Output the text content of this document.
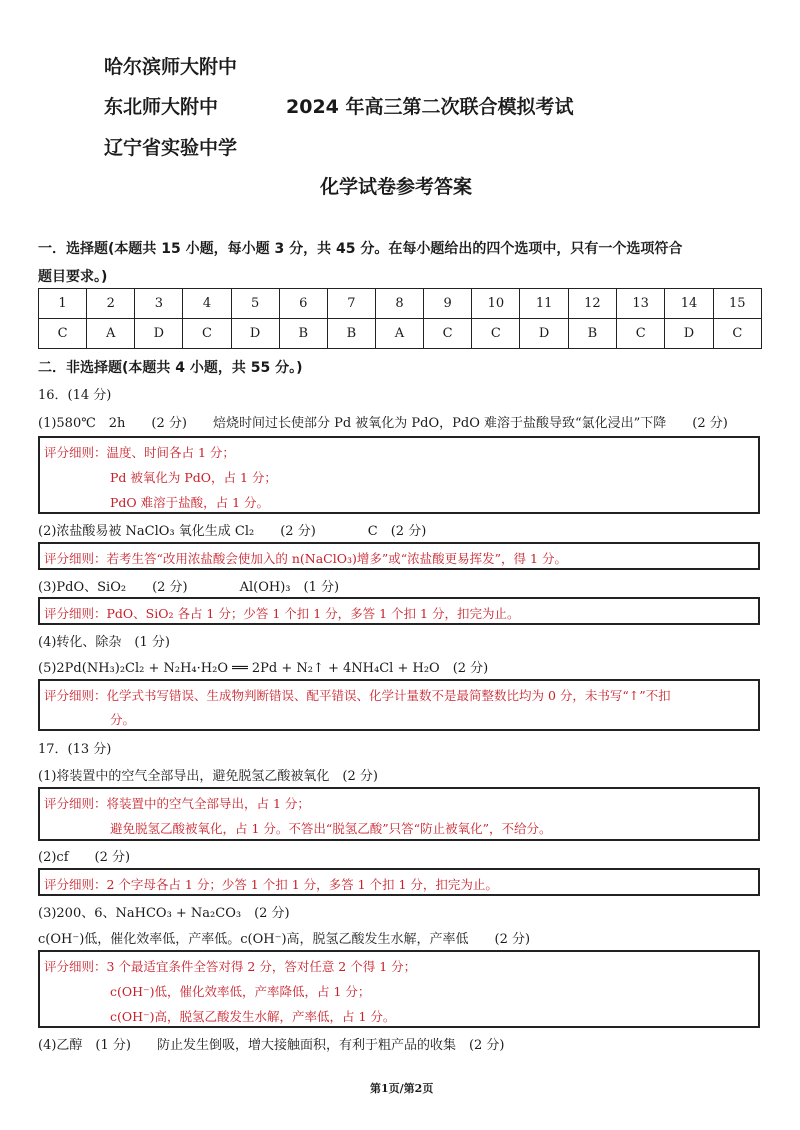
哈尔滨师大附中
东北师大附中
辽宁省实验中学
2024 年高三第二次联合模拟考试
化学试卷参考答案
一．选择题(本题共 15 小题，每小题 3 分，共 45 分。在每小题给出的四个选项中，只有一个选项符合
题目要求。)
1	2	3	4	5	6	7	8	9	10	11	12	13	14	15
C	A	D	C	D	B	B	A	C	C	D	B	C	D	C
二．非选择题(本题共 4 小题，共 55 分。)
16．(14 分)
(1)580℃　2h　　(2 分)　　焙烧时间过长使部分 Pd 被氧化为 PdO，PdO 难溶于盐酸导致“氯化浸出”下降　　(2 分)
评分细则：温度、时间各占 1 分；
Pd 被氧化为 PdO，占 1 分；
PdO 难溶于盐酸，占 1 分。
(2)浓盐酸易被 NaClO₃ 氧化生成 Cl₂　　(2 分)　　　　C　(2 分)
评分细则：若考生答“改用浓盐酸会使加入的 n(NaClO₃)增多”或“浓盐酸更易挥发”，得 1 分。
(3)PdO、SiO₂　　(2 分)　　　　Al(OH)₃　(1 分)
评分细则：PdO、SiO₂ 各占 1 分；少答 1 个扣 1 分，多答 1 个扣 1 分，扣完为止。
(4)转化、除杂　(1 分)
(5)2Pd(NH₃)₂Cl₂ + N₂H₄·H₂O ══ 2Pd + N₂↑ + 4NH₄Cl + H₂O　(2 分)
评分细则：化学式书写错误、生成物判断错误、配平错误、化学计量数不是最简整数比均为 0 分，未书写“↑”不扣
分。
17．(13 分)
(1)将装置中的空气全部导出，避免脱氢乙酸被氧化　(2 分)
评分细则：将装置中的空气全部导出，占 1 分；
避免脱氢乙酸被氧化，占 1 分。不答出“脱氢乙酸”只答“防止被氧化”，不给分。
(2)cf　　(2 分)
评分细则：2 个字母各占 1 分；少答 1 个扣 1 分，多答 1 个扣 1 分，扣完为止。
(3)200、6、NaHCO₃ + Na₂CO₃　(2 分)
c(OH⁻)低，催化效率低，产率低。c(OH⁻)高，脱氢乙酸发生水解，产率低　　(2 分)
评分细则：3 个最适宜条件全答对得 2 分，答对任意 2 个得 1 分；
c(OH⁻)低，催化效率低，产率降低，占 1 分；
c(OH⁻)高，脱氢乙酸发生水解，产率低，占 1 分。
(4)乙醇　(1 分)　　防止发生倒吸，增大接触面积，有利于粗产品的收集　(2 分)
第1页/第2页
